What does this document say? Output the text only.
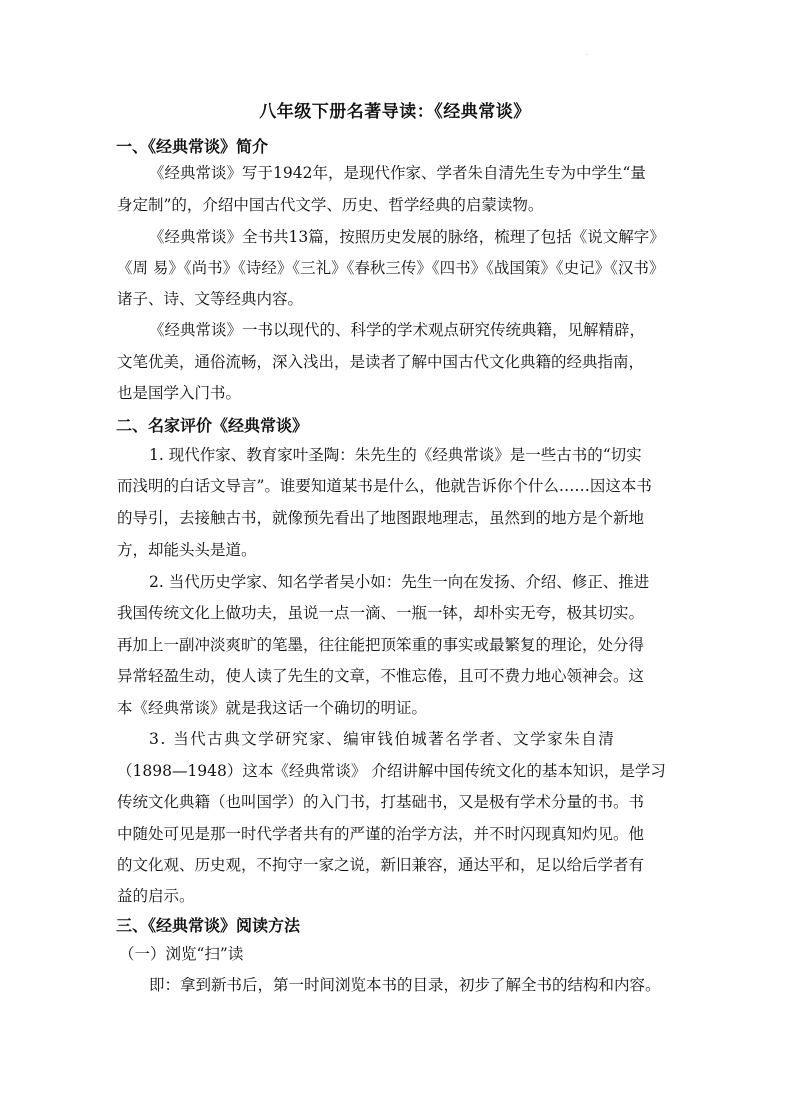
·
八年级下册名著导读：《经典常谈》
一、《经典常谈》简介
《经典常谈》写于1942年，是现代作家、学者朱自清先生专为中学生“量
身定制”的，介绍中国古代文学、历史、哲学经典的启蒙读物。
《经典常谈》全书共13篇，按照历史发展的脉络，梳理了包括《说文解字》
《周 易》《尚书》《诗经》《三礼》《春秋三传》《四书》《战国策》《史记》《汉书》
诸子、诗、文等经典内容。
《经典常谈》一书以现代的、科学的学术观点研究传统典籍，见解精辟，
文笔优美，通俗流畅，深入浅出，是读者了解中国古代文化典籍的经典指南，
也是国学入门书。
二、名家评价《经典常谈》
1. 现代作家、教育家叶圣陶：朱先生的《经典常谈》是一些古书的“切实
而浅明的白话文导言”。谁要知道某书是什么，他就告诉你个什么……因这本书
的导引，去接触古书，就像预先看出了地图跟地理志，虽然到的地方是个新地
方，却能头头是道。
2. 当代历史学家、知名学者吴小如：先生一向在发扬、介绍、修正、推进
我国传统文化上做功夫，虽说一点一滴、一瓶一钵，却朴实无夸，极其切实。
再加上一副冲淡爽旷的笔墨，往往能把顶笨重的事实或最繁复的理论，处分得
异常轻盈生动，使人读了先生的文章，不惟忘倦，且可不费力地心领神会。这
本《经典常谈》就是我这话一个确切的明证。
3. 当代古典文学研究家、编审钱伯城著名学者、文学家朱自清
（1898—1948）这本《经典常谈》 介绍讲解中国传统文化的基本知识，是学习
传统文化典籍（也叫国学）的入门书，打基础书，又是极有学术分量的书。书
中随处可见是那一时代学者共有的严谨的治学方法，并不时闪现真知灼见。他
的文化观、历史观，不拘守一家之说，新旧兼容，通达平和，足以给后学者有
益的启示。
三、《经典常谈》阅读方法
（一）浏览“扫”读
即：拿到新书后，第一时间浏览本书的目录，初步了解全书的结构和内容。
